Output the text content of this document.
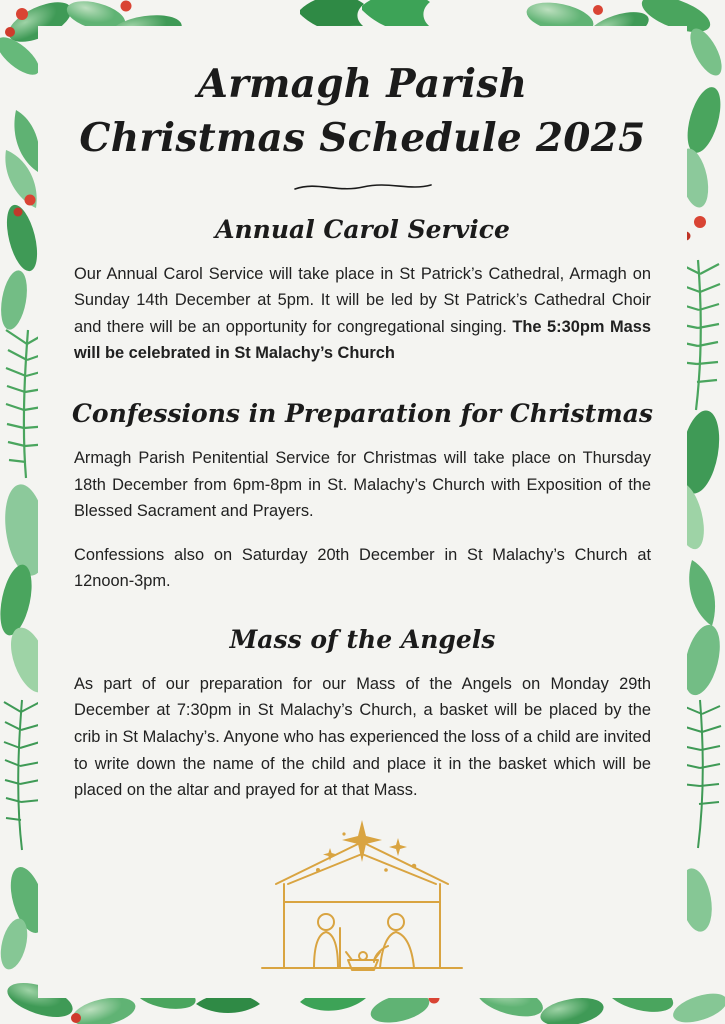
Armagh Parish
Christmas Schedule 2025
Annual Carol Service

Our Annual Carol Service will take place in St Patrick’s Cathedral, Armagh on Sunday 14th December at 5pm. It will be led by St Patrick’s Cathedral Choir and there will be an opportunity for congregational singing. The 5:30pm Mass will be celebrated in St Malachy’s Church

Confessions in Preparation for Christmas

Armagh Parish Penitential Service for Christmas will take place on Thursday 18th December from 6pm-8pm in St. Malachy’s Church with Exposition of the Blessed Sacrament and Prayers.

Confessions also on Saturday 20th December in St Malachy’s Church at 12noon-3pm.

Mass of the Angels

As part of our preparation for our Mass of the Angels on Monday 29th December at 7:30pm in St Malachy’s Church, a basket will be placed by the crib in St Malachy’s. Anyone who has experienced the loss of a child are invited to write down the name of the child and place it in the basket which will be placed on the altar and prayed for at that Mass.
